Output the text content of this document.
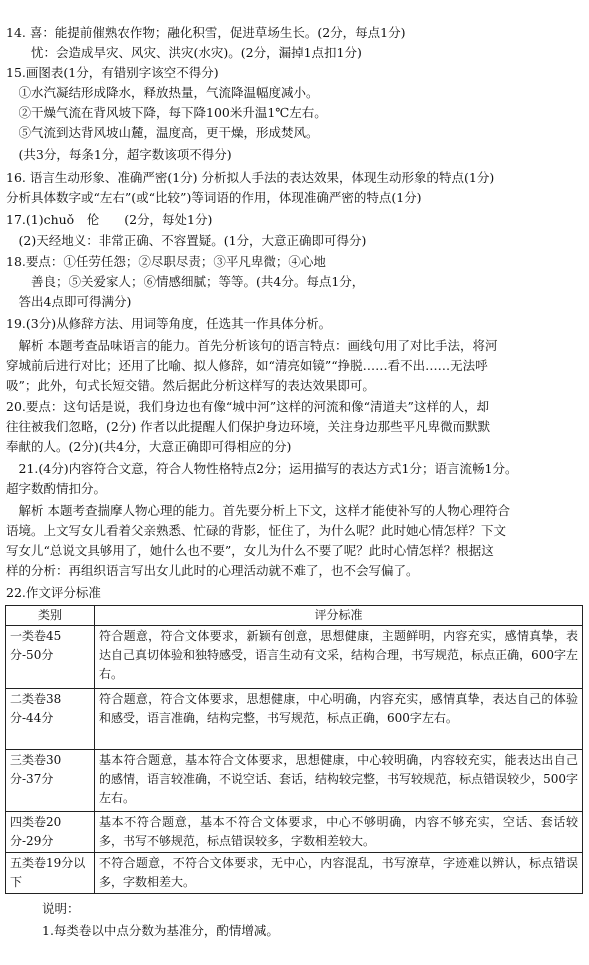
14. 喜：能提前催熟农作物；融化积雪，促进草场生长。(2分，每点1分)
　　忧：会造成旱灾、风灾、洪灾(水灾)。(2分，漏掉1点扣1分)
15.画图表(1分，有错别字该空不得分)
　①水汽凝结形成降水，释放热量，气流降温幅度减小。
　②干燥气流在背风坡下降，每下降100米升温1℃左右。
　⑤气流到达背风坡山麓，温度高，更干燥，形成焚风。
　(共3分，每条1分，超字数该项不得分)
16. 语言生动形象、准确严密(1分) 分析拟人手法的表达效果，体现生动形象的特点(1分)
分析具体数字或“左右”(或“比较”)等词语的作用，体现准确严密的特点(1分)
17.(1)chuǒ　伦　　(2分，每处1分)
　(2)天经地义：非常正确、不容置疑。(1分，大意正确即可得分)
18.要点：①任劳任怨；②尽职尽责；③平凡卑微；④心地
　　善良；⑤关爱家人；⑥情感细腻；等等。(共4分。每点1分，
　答出4点即可得满分)
19.(3分)从修辞方法、用词等角度，任选其一作具体分析。
　解析 本题考查品味语言的能力。首先分析该句的语言特点：画线句用了对比手法，将河
穿城前后进行对比；还用了比喻、拟人修辞，如“清亮如镜”“挣脱……看不出……无法呼
吸”；此外，句式长短交错。然后据此分析这样写的表达效果即可。
20.要点：这句话是说，我们身边也有像“城中河”这样的河流和像“清道夫”这样的人，却
往往被我们忽略，(2分) 作者以此提醒人们保护身边环境，关注身边那些平凡卑微而默默
奉献的人。(2分)(共4分，大意正确即可得相应的分)
　21.(4分)内容符合文意，符合人物性格特点2分；运用描写的表达方式1分；语言流畅1分。
超字数酌情扣分。
　解析 本题考查揣摩人物心理的能力。首先要分析上下文，这样才能使补写的人物心理符合
语境。上文写女儿看着父亲熟悉、忙碌的背影，怔住了，为什么呢？此时她心情怎样？下文
写女儿“总说文具够用了，她什么也不要”，女儿为什么不要了呢？此时心情怎样？根据这
样的分析：再组织语言写出女儿此时的心理活动就不难了，也不会写偏了。
22.作文评分标准
类别	评分标准
一类卷45分-50分	符合题意，符合文体要求，新颖有创意，思想健康，主题鲜明，内容充实，感情真挚，表达自己真切体验和独特感受，语言生动有文采，结构合理，书写规范，标点正确，600字左右。
二类卷38分-44分	符合题意，符合文体要求，思想健康，中心明确，内容充实，感情真挚，表达自己的体验和感受，语言准确，结构完整，书写规范，标点正确，600字左右。
三类卷30分-37分	基本符合题意，基本符合文体要求，思想健康，中心较明确，内容较充实，能表达出自己的感情，语言较准确，不说空话、套话，结构较完整，书写较规范，标点错误较少，500字左右。
四类卷20分-29分	基本不符合题意，基本不符合文体要求，中心不够明确，内容不够充实，空话、套话较多，书写不够规范，标点错误较多，字数相差较大。
五类卷19分以下	不符合题意，不符合文体要求，无中心，内容混乱，书写潦草，字迹难以辨认，标点错误多，字数相差大。
说明：
1.每类卷以中点分数为基准分，酌情增减。
